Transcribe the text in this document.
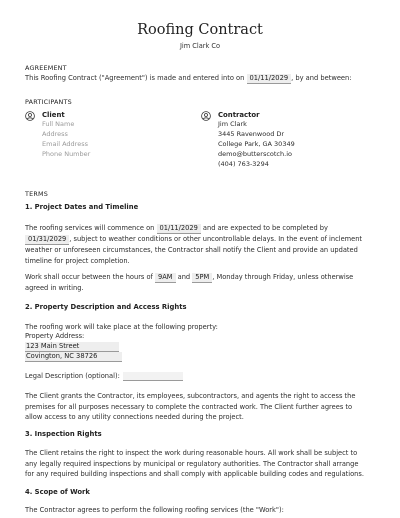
Roofing Contract
Jim Clark Co
AGREEMENT
This Roofing Contract ("Agreement") is made and entered into on 01/11/2029 , by and between:
PARTICIPANTS
Client
Full Name
Address
Email Address
Phone Number
Contractor
Jim Clark
3445 Ravenwood Dr
College Park, GA 30349
demo@butterscotch.io
(404) 763-3294
TERMS
1. Project Dates and Timeline
The roofing services will commence on 01/11/2029 and are expected to be completed by
01/31/2029 , subject to weather conditions or other uncontrollable delays. In the event of inclement
weather or unforeseen circumstances, the Contractor shall notify the Client and provide an updated
timeline for project completion.
Work shall occur between the hours of 9AM and 5PM , Monday through Friday, unless otherwise
agreed in writing.
2. Property Description and Access Rights
The roofing work will take place at the following property:
Property Address:
123 Main Street
Covington, NC 38726
Legal Description (optional):
The Client grants the Contractor, its employees, subcontractors, and agents the right to access the
premises for all purposes necessary to complete the contracted work. The Client further agrees to
allow access to any utility connections needed during the project.
3. Inspection Rights
The Client retains the right to inspect the work during reasonable hours. All work shall be subject to
any legally required inspections by municipal or regulatory authorities. The Contractor shall arrange
for any required building inspections and shall comply with applicable building codes and regulations.
4. Scope of Work
The Contractor agrees to perform the following roofing services (the "Work"):
